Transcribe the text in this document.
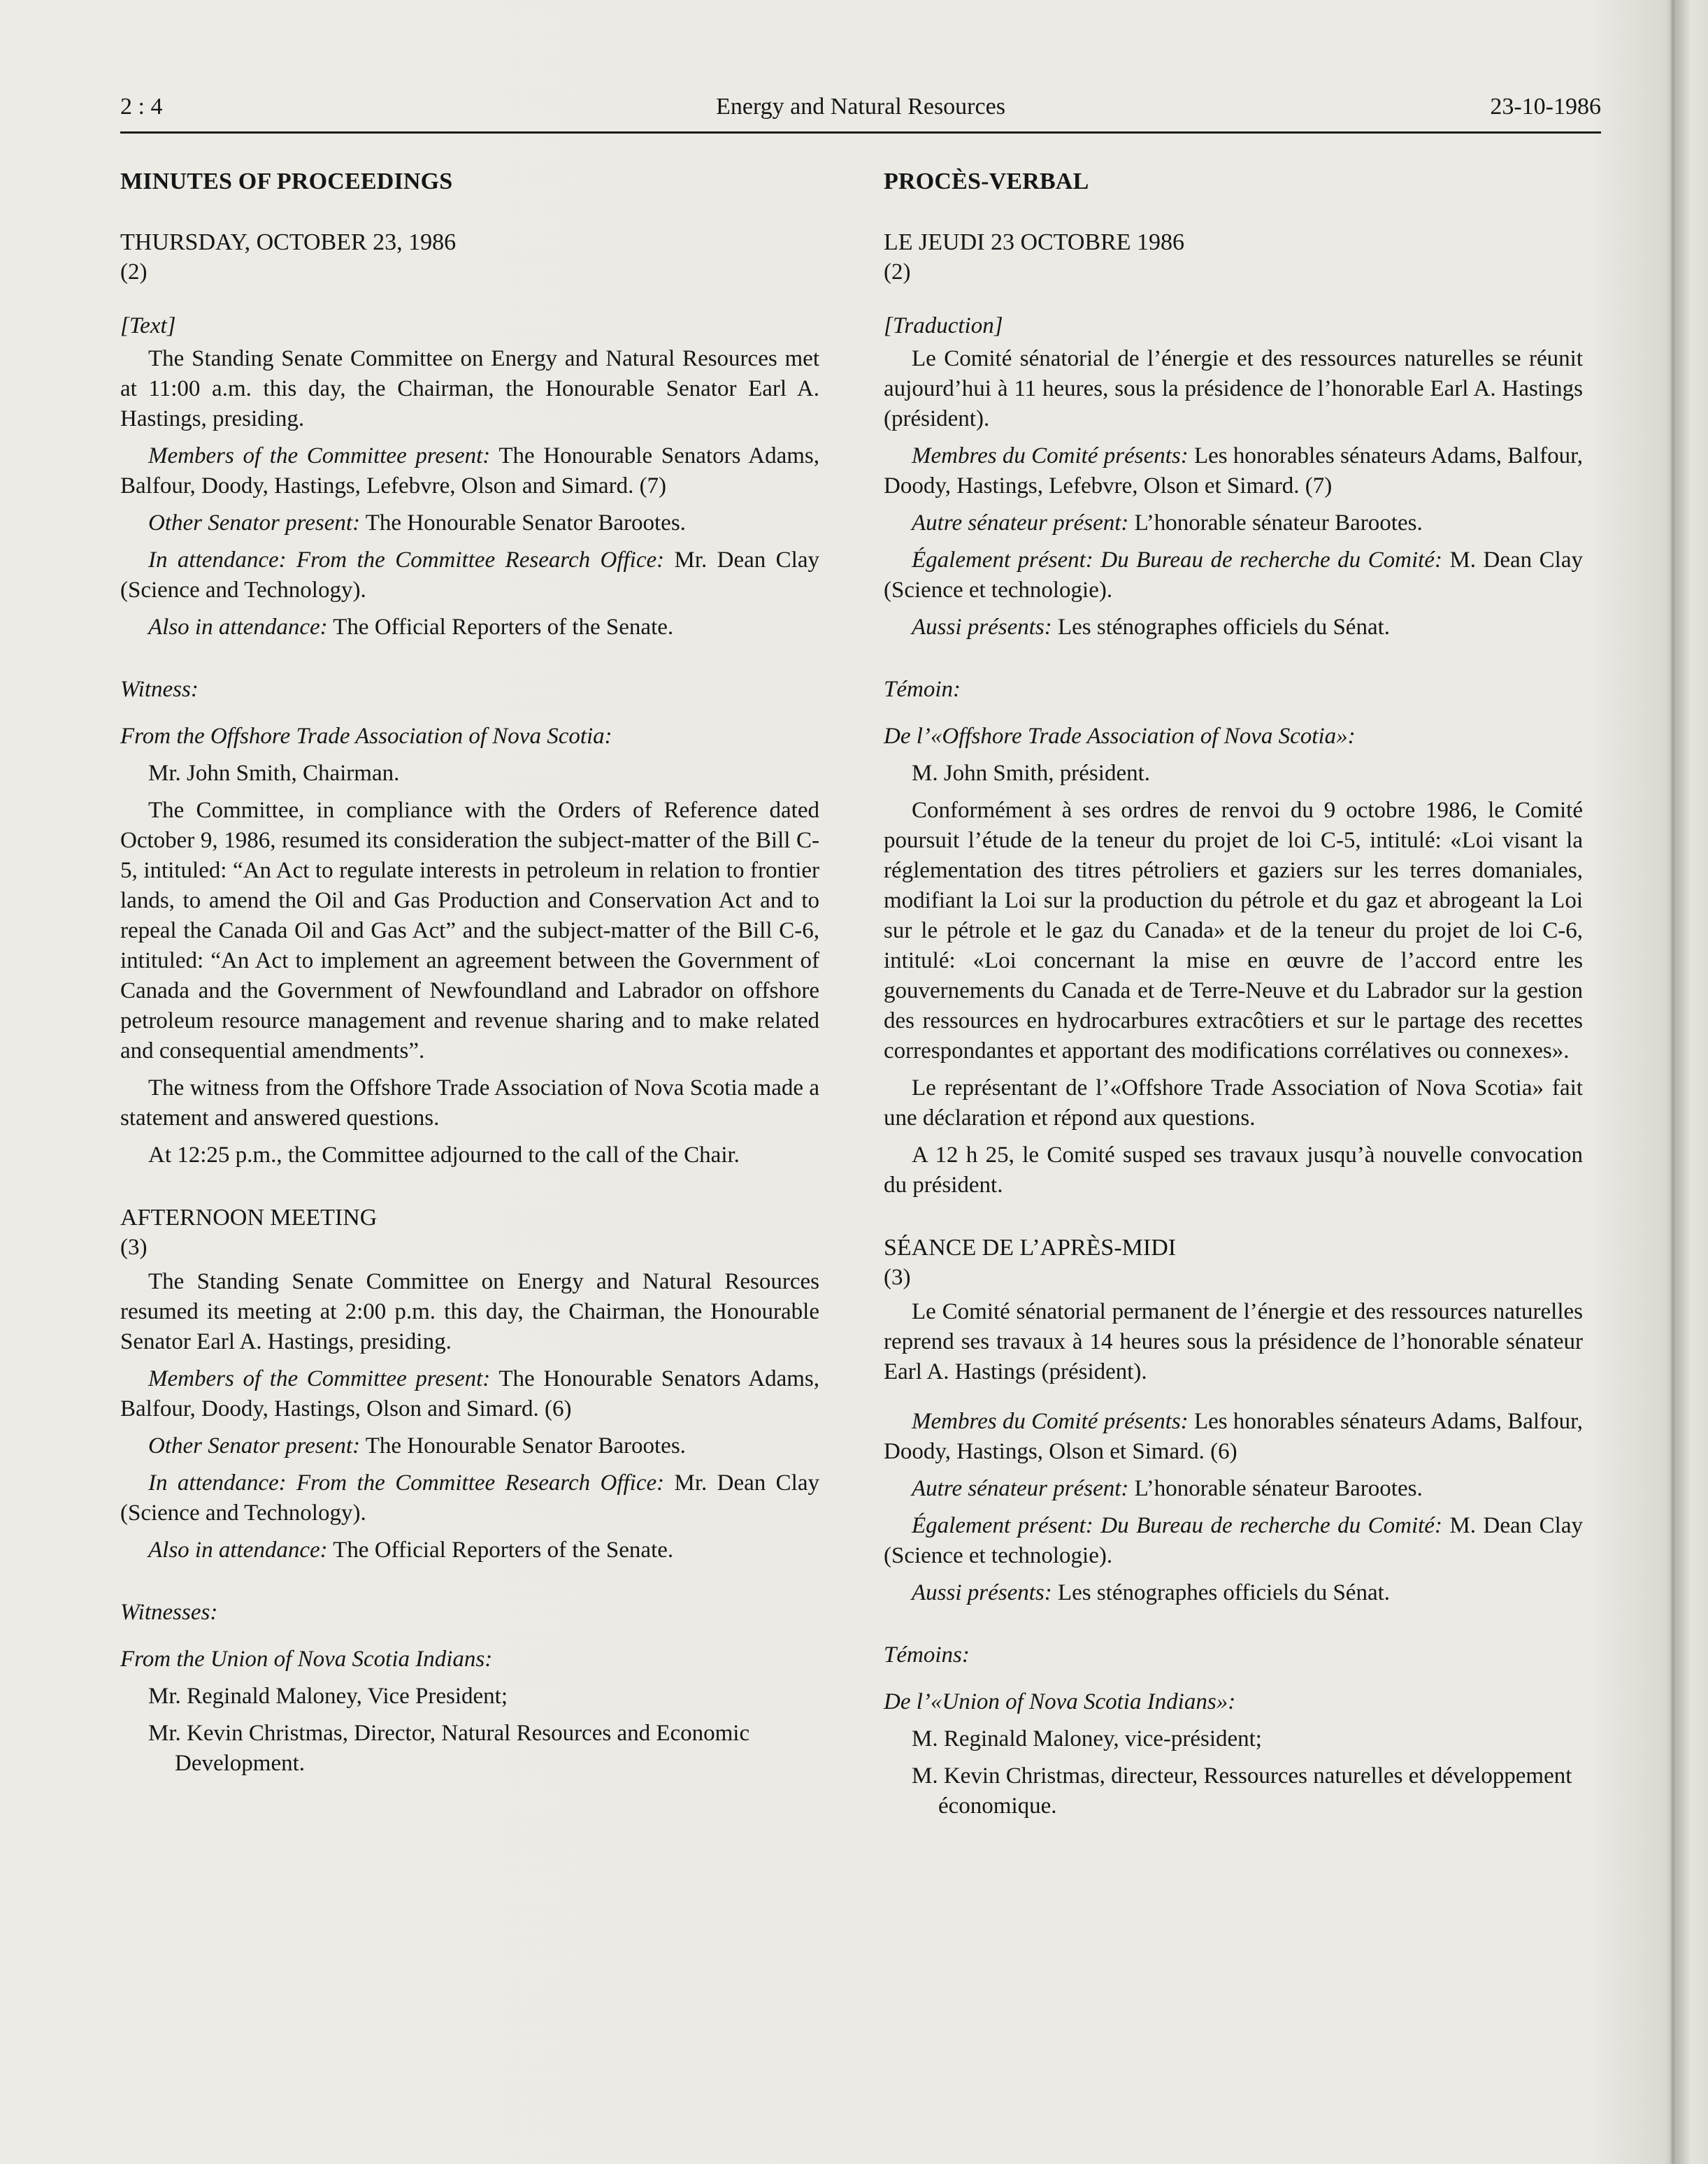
Energy and Natural Resources
2 : 4	23-10-1986

MINUTES OF PROCEEDINGS

THURSDAY, OCTOBER 23, 1986

(2)

[Text]

The Standing Senate Committee on Energy and Natural Resources met at 11:00 a.m. this day, the Chairman, the Honourable Senator Earl A. Hastings, presiding.

Members of the Committee present: The Honourable Senators Adams, Balfour, Doody, Hastings, Lefebvre, Olson and Simard. (7)

Other Senator present: The Honourable Senator Barootes.

In attendance: From the Committee Research Office: Mr. Dean Clay (Science and Technology).

Also in attendance: The Official Reporters of the Senate.

Witness:

From the Offshore Trade Association of Nova Scotia:

Mr. John Smith, Chairman.

The Committee, in compliance with the Orders of Reference dated October 9, 1986, resumed its consideration the subject-matter of the Bill C-5, intituled: “An Act to regulate interests in petroleum in relation to frontier lands, to amend the Oil and Gas Production and Conservation Act and to repeal the Canada Oil and Gas Act” and the subject-matter of the Bill C-6, intituled: “An Act to implement an agreement between the Government of Canada and the Government of Newfoundland and Labrador on offshore petroleum resource management and revenue sharing and to make related and consequential amendments”.

The witness from the Offshore Trade Association of Nova Scotia made a statement and answered questions.

At 12:25 p.m., the Committee adjourned to the call of the Chair.

AFTERNOON MEETING

(3)

The Standing Senate Committee on Energy and Natural Resources resumed its meeting at 2:00 p.m. this day, the Chairman, the Honourable Senator Earl A. Hastings, presiding.

Members of the Committee present: The Honourable Senators Adams, Balfour, Doody, Hastings, Olson and Simard. (6)

Other Senator present: The Honourable Senator Barootes.

In attendance: From the Committee Research Office: Mr. Dean Clay (Science and Technology).

Also in attendance: The Official Reporters of the Senate.

Witnesses:

From the Union of Nova Scotia Indians:

Mr. Reginald Maloney, Vice President;

Mr. Kevin Christmas, Director, Natural Resources and Economic Development.

PROCÈS-VERBAL

LE JEUDI 23 OCTOBRE 1986

(2)

[Traduction]

Le Comité sénatorial de l’énergie et des ressources naturelles se réunit aujourd’hui à 11 heures, sous la présidence de l’honorable Earl A. Hastings (président).

Membres du Comité présents: Les honorables sénateurs Adams, Balfour, Doody, Hastings, Lefebvre, Olson et Simard. (7)

Autre sénateur présent: L’honorable sénateur Barootes.

Également présent: Du Bureau de recherche du Comité: M. Dean Clay (Science et technologie).

Aussi présents: Les sténographes officiels du Sénat.

Témoin:

De l’«Offshore Trade Association of Nova Scotia»:

M. John Smith, président.

Conformément à ses ordres de renvoi du 9 octobre 1986, le Comité poursuit l’étude de la teneur du projet de loi C-5, intitulé: «Loi visant la réglementation des titres pétroliers et gaziers sur les terres domaniales, modifiant la Loi sur la production du pétrole et du gaz et abrogeant la Loi sur le pétrole et le gaz du Canada» et de la teneur du projet de loi C-6, intitulé: «Loi concernant la mise en œuvre de l’accord entre les gouvernements du Canada et de Terre-Neuve et du Labrador sur la gestion des ressources en hydrocarbures extracôtiers et sur le partage des recettes correspondantes et apportant des modifications corrélatives ou connexes».

Le représentant de l’«Offshore Trade Association of Nova Scotia» fait une déclaration et répond aux questions.

A 12 h 25, le Comité susped ses travaux jusqu’à nouvelle convocation du président.

SÉANCE DE L’APRÈS-MIDI

(3)

Le Comité sénatorial permanent de l’énergie et des ressources naturelles reprend ses travaux à 14 heures sous la présidence de l’honorable sénateur Earl A. Hastings (président).

Membres du Comité présents: Les honorables sénateurs Adams, Balfour, Doody, Hastings, Olson et Simard. (6)

Autre sénateur présent: L’honorable sénateur Barootes.

Également présent: Du Bureau de recherche du Comité: M. Dean Clay (Science et technologie).

Aussi présents: Les sténographes officiels du Sénat.

Témoins:

De l’«Union of Nova Scotia Indians»:

M. Reginald Maloney, vice-président;

M. Kevin Christmas, directeur, Ressources naturelles et développement économique.
